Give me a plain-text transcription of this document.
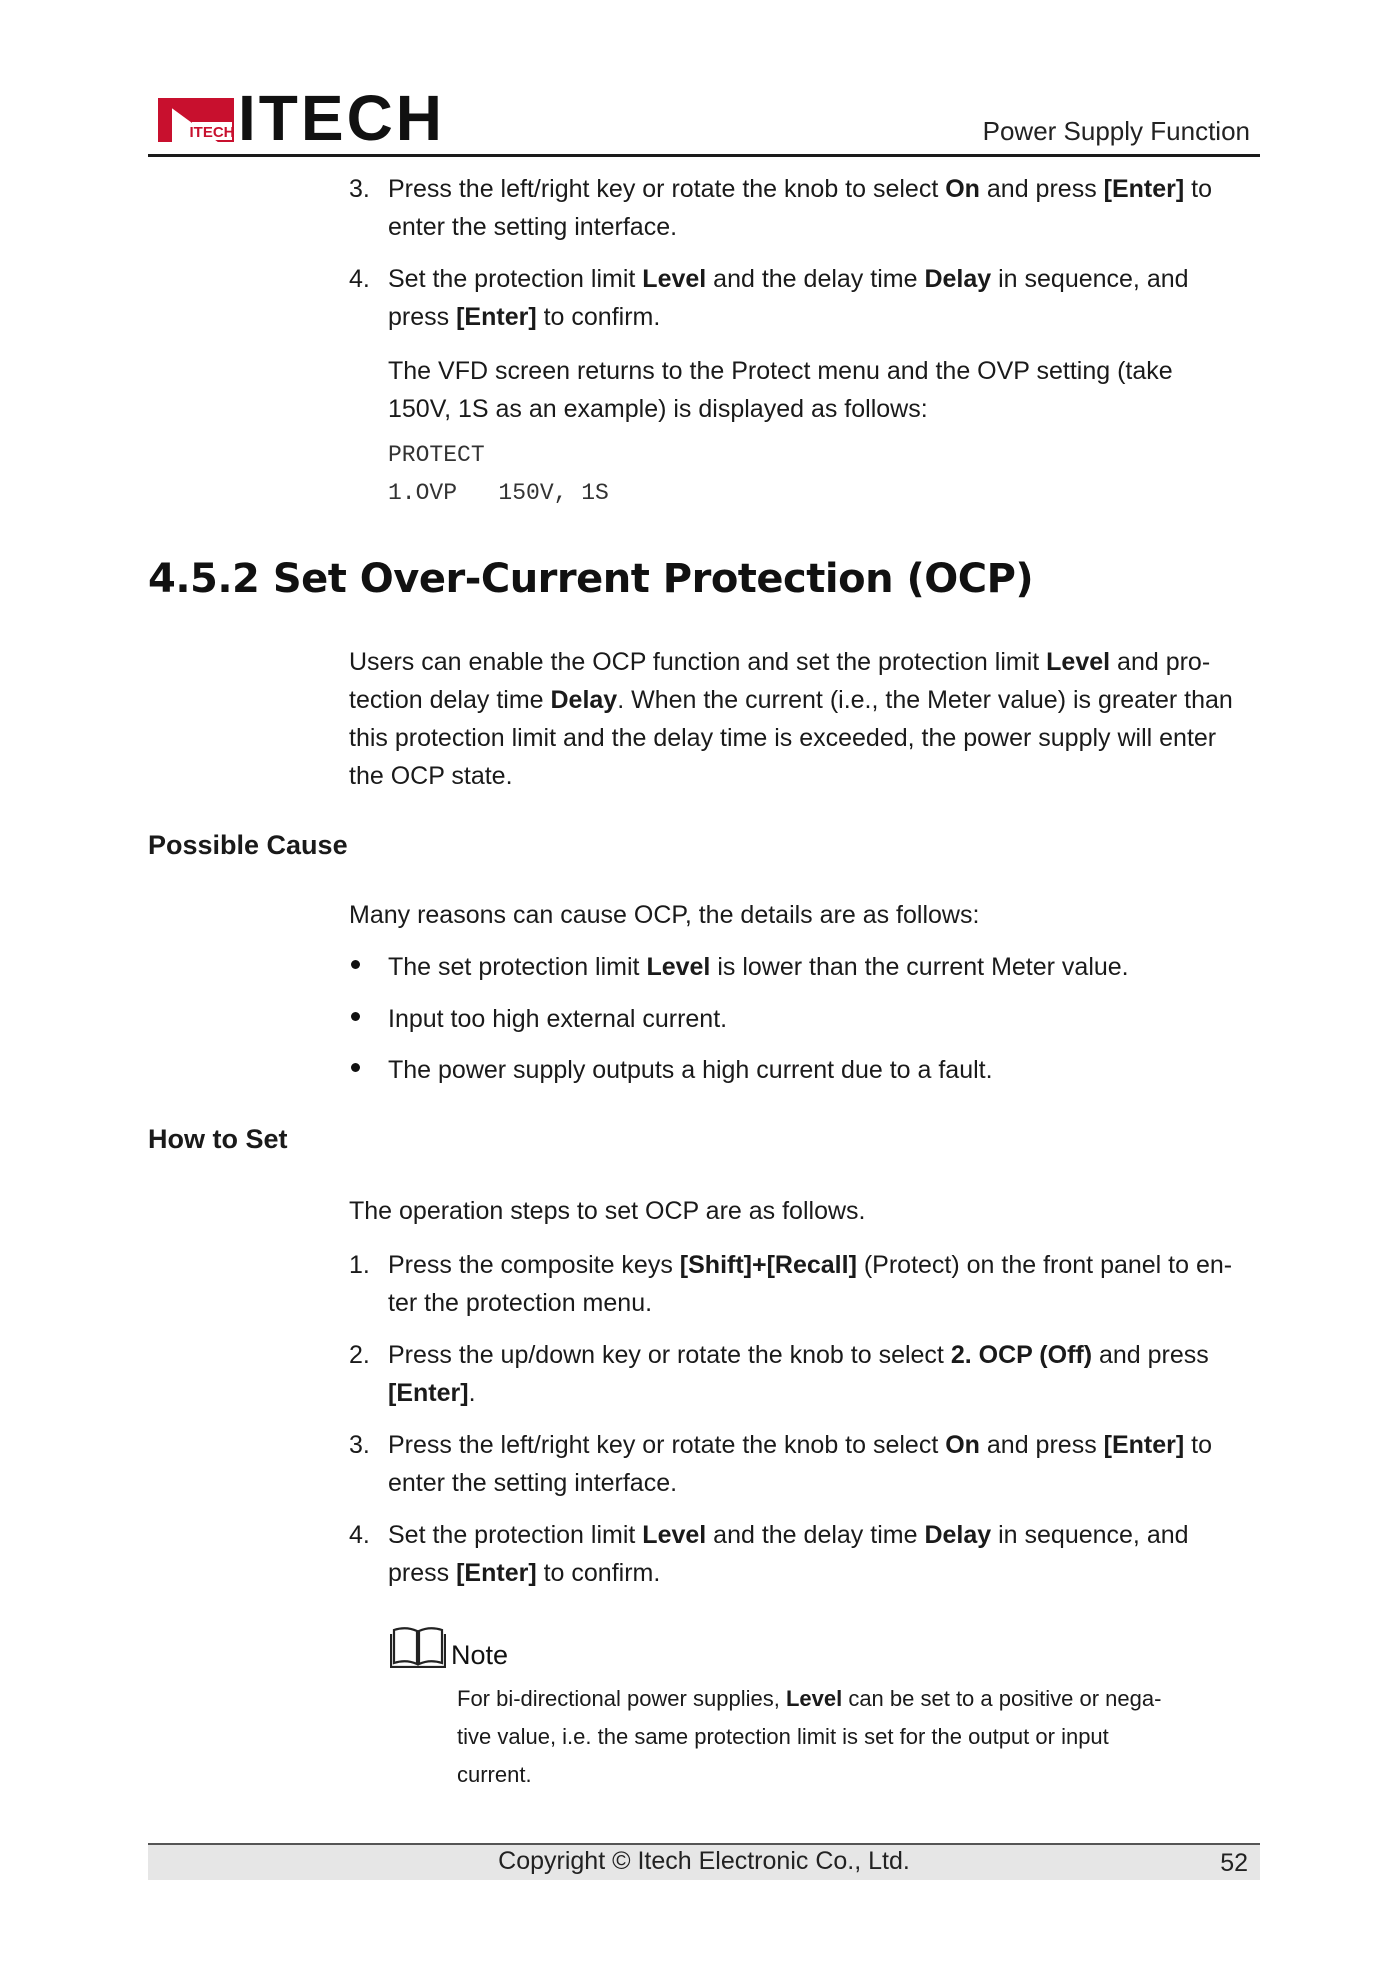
ITECH ITECH	Power Supply Function
3. Press the left/right key or rotate the knob to select On and press [Enter] to
enter the setting interface.
4. Set the protection limit Level and the delay time Delay in sequence, and
press [Enter] to confirm.
The VFD screen returns to the Protect menu and the OVP setting (take
150V, 1S as an example) is displayed as follows:
PROTECT
1.OVP   150V, 1S
4.5.2 Set Over-Current Protection (OCP)
Users can enable the OCP function and set the protection limit Level and pro-
tection delay time Delay. When the current (i.e., the Meter value) is greater than
this protection limit and the delay time is exceeded, the power supply will enter
the OCP state.
Possible Cause
Many reasons can cause OCP, the details are as follows:
The set protection limit Level is lower than the current Meter value.
Input too high external current.
The power supply outputs a high current due to a fault.
How to Set
The operation steps to set OCP are as follows.
1. Press the composite keys [Shift]+[Recall] (Protect) on the front panel to en-
ter the protection menu.
2. Press the up/down key or rotate the knob to select 2. OCP (Off) and press
[Enter].
3. Press the left/right key or rotate the knob to select On and press [Enter] to
enter the setting interface.
4. Set the protection limit Level and the delay time Delay in sequence, and
press [Enter] to confirm.
Note
For bi-directional power supplies, Level can be set to a positive or nega-
tive value, i.e. the same protection limit is set for the output or input
current.
Copyright © Itech Electronic Co., Ltd.	52
